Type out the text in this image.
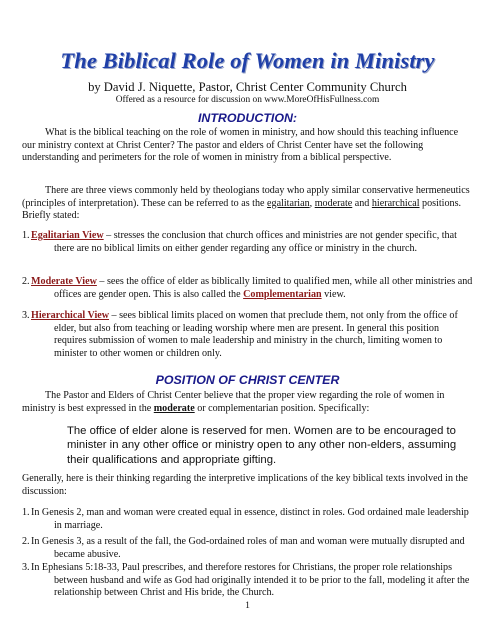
The Biblical Role of Women in Ministry
by David J. Niquette, Pastor, Christ Center Community Church
Offered as a resource for discussion on www.MoreOfHisFullness.com
INTRODUCTION:

What is the biblical teaching on the role of women in ministry, and how should this teaching influence our ministry context at Christ Center? The pastor and elders of Christ Center have set the following understanding and perimeters for the role of women in ministry from a biblical perspective.

There are three views commonly held by theologians today who apply similar conservative hermeneutics (principles of interpretation). These can be referred to as the egalitarian, moderate and hierarchical positions. Briefly stated:

1. Egalitarian View – stresses the conclusion that church offices and ministries are not gender specific, that there are no biblical limits on either gender regarding any office or ministry in the church.
2. Moderate View – sees the office of elder as biblically limited to qualified men, while all other ministries and offices are gender open. This is also called the Complementarian view.
3. Hierarchical View – sees biblical limits placed on women that preclude them, not only from the office of elder, but also from teaching or leading worship where men are present. In general this position requires submission of women to male leadership and ministry in the church, limiting women to minister to other women or children only.
POSITION OF CHRIST CENTER

The Pastor and Elders of Christ Center believe that the proper view regarding the role of women in ministry is best expressed in the moderate or complementarian position. Specifically:

The office of elder alone is reserved for men. Women are to be encouraged to minister in any other office or ministry open to any other non-elders, assuming their qualifications and appropriate gifting.

Generally, here is their thinking regarding the interpretive implications of the key biblical texts involved in the discussion:

1. In Genesis 2, man and woman were created equal in essence, distinct in roles. God ordained male leadership in marriage.
2. In Genesis 3, as a result of the fall, the God-ordained roles of man and woman were mutually disrupted and became abusive.
3. In Ephesians 5:18-33, Paul prescribes, and therefore restores for Christians, the proper role relationships between husband and wife as God had originally intended it to be prior to the fall, modeling it after the relationship between Christ and His bride, the Church.
1
